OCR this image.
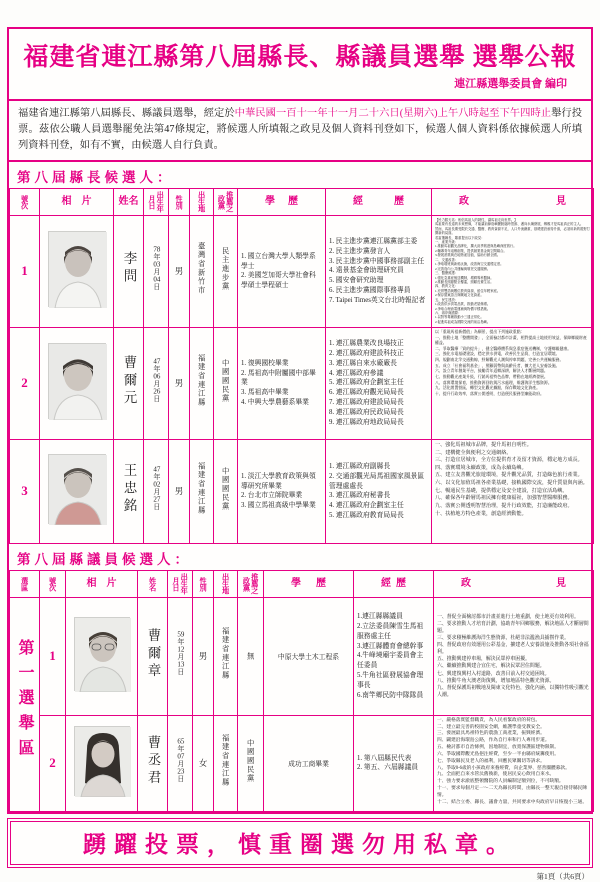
福建省連江縣第八屆縣長、縣議員選舉 選舉公報
連江縣選舉委員會 編印
福建省連江縣第八屆縣長、縣議員選舉，經定於中華民國一百十一年十一月二十六日(星期六)上午八時起至下午四時止舉行投票。茲依公職人員選舉罷免法第47條規定，將候選人所填報之政見及個人資料刊登如下，候選人個人資料係依據候選人所填列資料刊登，如有不實，由候選人自行負責。
第八屆縣長候選人：
號次	相　片	姓名	出生年月日	性別	出生地	推薦之政黨	學歷	經歷	政見

1		李問	78年03月04日	男	臺灣省新竹市	民主進步黨	1. 國立台灣大學人類學系學士
2. 美國芝加哥大學社會科學碩士學程碩士

1. 民主進步黨連江縣黨部主委
2. 民主進步黨發言人
3. 民主進步黨中國事務部副主任
4. 遠景基金會助理研究員
5. 國安會研究助理
6. 民主進步黨國際事務專員
7. Taipei Times英文台北時報記者

【民力勝天祐：相信馬祖人的韌性，讓馬祖走向世界。】
馬祖要有長遠的未來想像，才能讓前線島嶼擺脫臨時思維、邁向永續發展，鄉親才是馬祖真正的主人。
然而，馬祖長期受限於交通、醫療、教育資源不足，人口外流嚴重，基礎建設亟待升級，必須用新的視野打開新的局面。
若當選縣長，鄭重提出以下政見：
一、產業升級：
1.推動馬祖觀光品牌化，擴大淡季旅遊與島嶼深度旅行。
2.輔導青年返鄉創業，提供創業基金與空間媒合。
3.發展酒業與在地物產加值，協助行銷全國。
二、交通改善：
1.爭取增班與新船汰換，改善海空交通穩定度。
2.完善島內公共運輸與敬老交通服務。
三、醫療照護：
1.強化急重症後送機制，增聘專科醫師。
2.推動長照據點全覆蓋，照顧長輩生活。
四、教育文化：
1.充實雙語與數位教育資源，留住年輕家庭。
2.保存閩東語言與戰地文化資產。
五、民生建設：
1.改善供水供電品質，推動老屋修繕。
2.爭取合理油電運補與物價平穩措施。
六、兩岸與國際：
1.以對等尊嚴推動小三通正常化。
2.促進馬祖成為國際交流的前沿島嶼。

2		曹爾元	47年06月26日	男	福建省連江縣	中國國民黨	1. 復興國校畢業
2. 馬祖高中附屬國中部畢業
3. 馬祖高中畢業
4. 中興大學農藝系畢業

1. 連江縣農業改良場技正
2. 連江縣政府建設科技正
3. 連江縣自來水廠廠長
4. 連江縣政府參議
5. 連江縣政府企劃室主任
6. 連江縣政府觀光局局長
7. 連江縣政府建設局局長
8. 連江縣政府民政局局長
9. 連江縣政府地政局局長

以「重現馬祖新價值」為願景，提出下列施政重點：
一、推動土地「整體開發」，全面檢討都市計畫，相對提高土地使用效益，保障鄉親財產權益。
二、爭取醫療「質的提升」，健全醫療體系與急重症後送機制，守護鄉親健康。
三、強化水電基礎建設，穩定供水供電，改善民生品質，打造宜居環境。
四、規劃南北竿交通動線，紓解觀光人潮與停車問題，完善公共運輸服務。
五、成立「社會福利基金」，照顧弱勢與高齡長者，擴大老人安養設施。
六、設立青年創業平台，鼓勵青年返鄉深耕，解決人才斷層問題。
七、推動觀光產業升級，行銷馬祖特色品牌，帶動在地經濟發展。
八、落實環境保育，推動資源回收與污水處理，維護海洋生態資源。
九、活化閒置營區，轉型文化觀光據點，保存戰地文化資產。
十、提升行政效率，落實公開透明，打造便民服務型廉能政府。

3		王忠銘	47年02月27日	男	福建省連江縣	中國國民黨	1. 淡江大學教育政策與領導研究所畢業
2. 台北市立師院畢業
3. 國立馬祖高級中學畢業

1. 連江縣政府副縣長
2. 交通部觀光局馬祖國家風景區管理處處長
3. 連江縣政府秘書長
4. 連江縣政府企劃室主任
5. 連江縣政府教育局局長

一、強化馬祖城市品牌，提升馬祖自明性。
二、建構健全與便利之交通網絡。
三、打造宜居城市，全方位提供育才及留才資源，穩定地方成長。
四、落實環境永續政策，成為永續島嶼。
五、建立友善觀光旅遊環境，提升觀光品質，打造綠色旅行產業。
六、以文化加值馬祖各產業基礎，接軌國際交流，提升質量與內涵。
七、暢通民生基礎，提供穩定及安全建設，打造宜活島嶼。
八、確保各年齡層馬祖民擁有健康福祉，加強智慧醫療服務。
九、落實公開透明智慧治理，提升行政效能，打造廉能政府。
十、扶植地方特色產業，創造經濟動能。
第八屆縣議員候選人：
選區	號次	相　片	姓名	出生年月日	性別	出生地	推薦之政黨	學歷	經歷	政見

第一選舉區	1		曹爾章	59年12月13日	男	福建省連江縣	無	中原大學土木工程系

1.連江縣縣議員
2.立法委員陳雪生馬祖服務處主任
3.連江縣體育會總幹事
4.牛峰境廟宇委員會主任委員
5.牛角社區發展協會理事長
6.南竿鄉民防中隊隊員

一、督促全面檢討都市計畫並進行土地重劃，使土地更有效利用。
二、要求推動人才培育計劃，協助青年回鄉服務，解決地區人才斷層問題。
三、要求積極維護海洋生態資源，杜絕非法濫漁具捕撈作業。
四、督促政府有效運用公彩基金，擴建老人安養設施及推動各項社會福利。
五、推動興建停車場，解決民眾停車困擾。
六、繼續推動興建合宜住宅，解決民眾居住問題。
七、興建復興村入村道路，改善目前入村交通困境。
八、推動牛角大澳老街復興，增加地區特色觀光資源。
九、督促保護馬祖戰地及閩東文化特色，強化內涵，以獨特性吸引觀光人潮。

2		曹丞君	65年07月23日	女	福建省連江縣	中國國民黨	成功工商畢業

1. 第八屆縣民代表
2. 第五、六屆縣議員

一、嚴格落實監督職責，為人民看緊政府的荷包。
二、建立最完善的校園安全網，維護學童受教安全。
三、發展最具馬祖特色的農漁工商產業，振興經濟。
四、闢建沿海環島公路，作為自行車和行人專用步道。
五、檢討都市自治條例，因地制宜，放寬保護區建物限制。
六、爭取國際觀光島挹注經費，至少一半由縣府統籌使用。
七、爭取縣民及老人的福利，回應民眾關切等訴求。
八、爭取0-6歲的小孩政府來養經費，向企業界、慈善團體募款。
九、全面把自來水管汰舊換新，使居民安心飲用自來水。
十、強力要求澈底整頓醫院的人員編制足額到位，不可缺額。
十一、要求每個月定一～二天為縣長時間，由縣長一整天親自接待縣民陳情。
十二、結合立委、縣長、議會力量，共同要求中央政府早日恢復小三通。
踴躍投票，慎重圈選勿用私章。
第1頁（共6頁）
